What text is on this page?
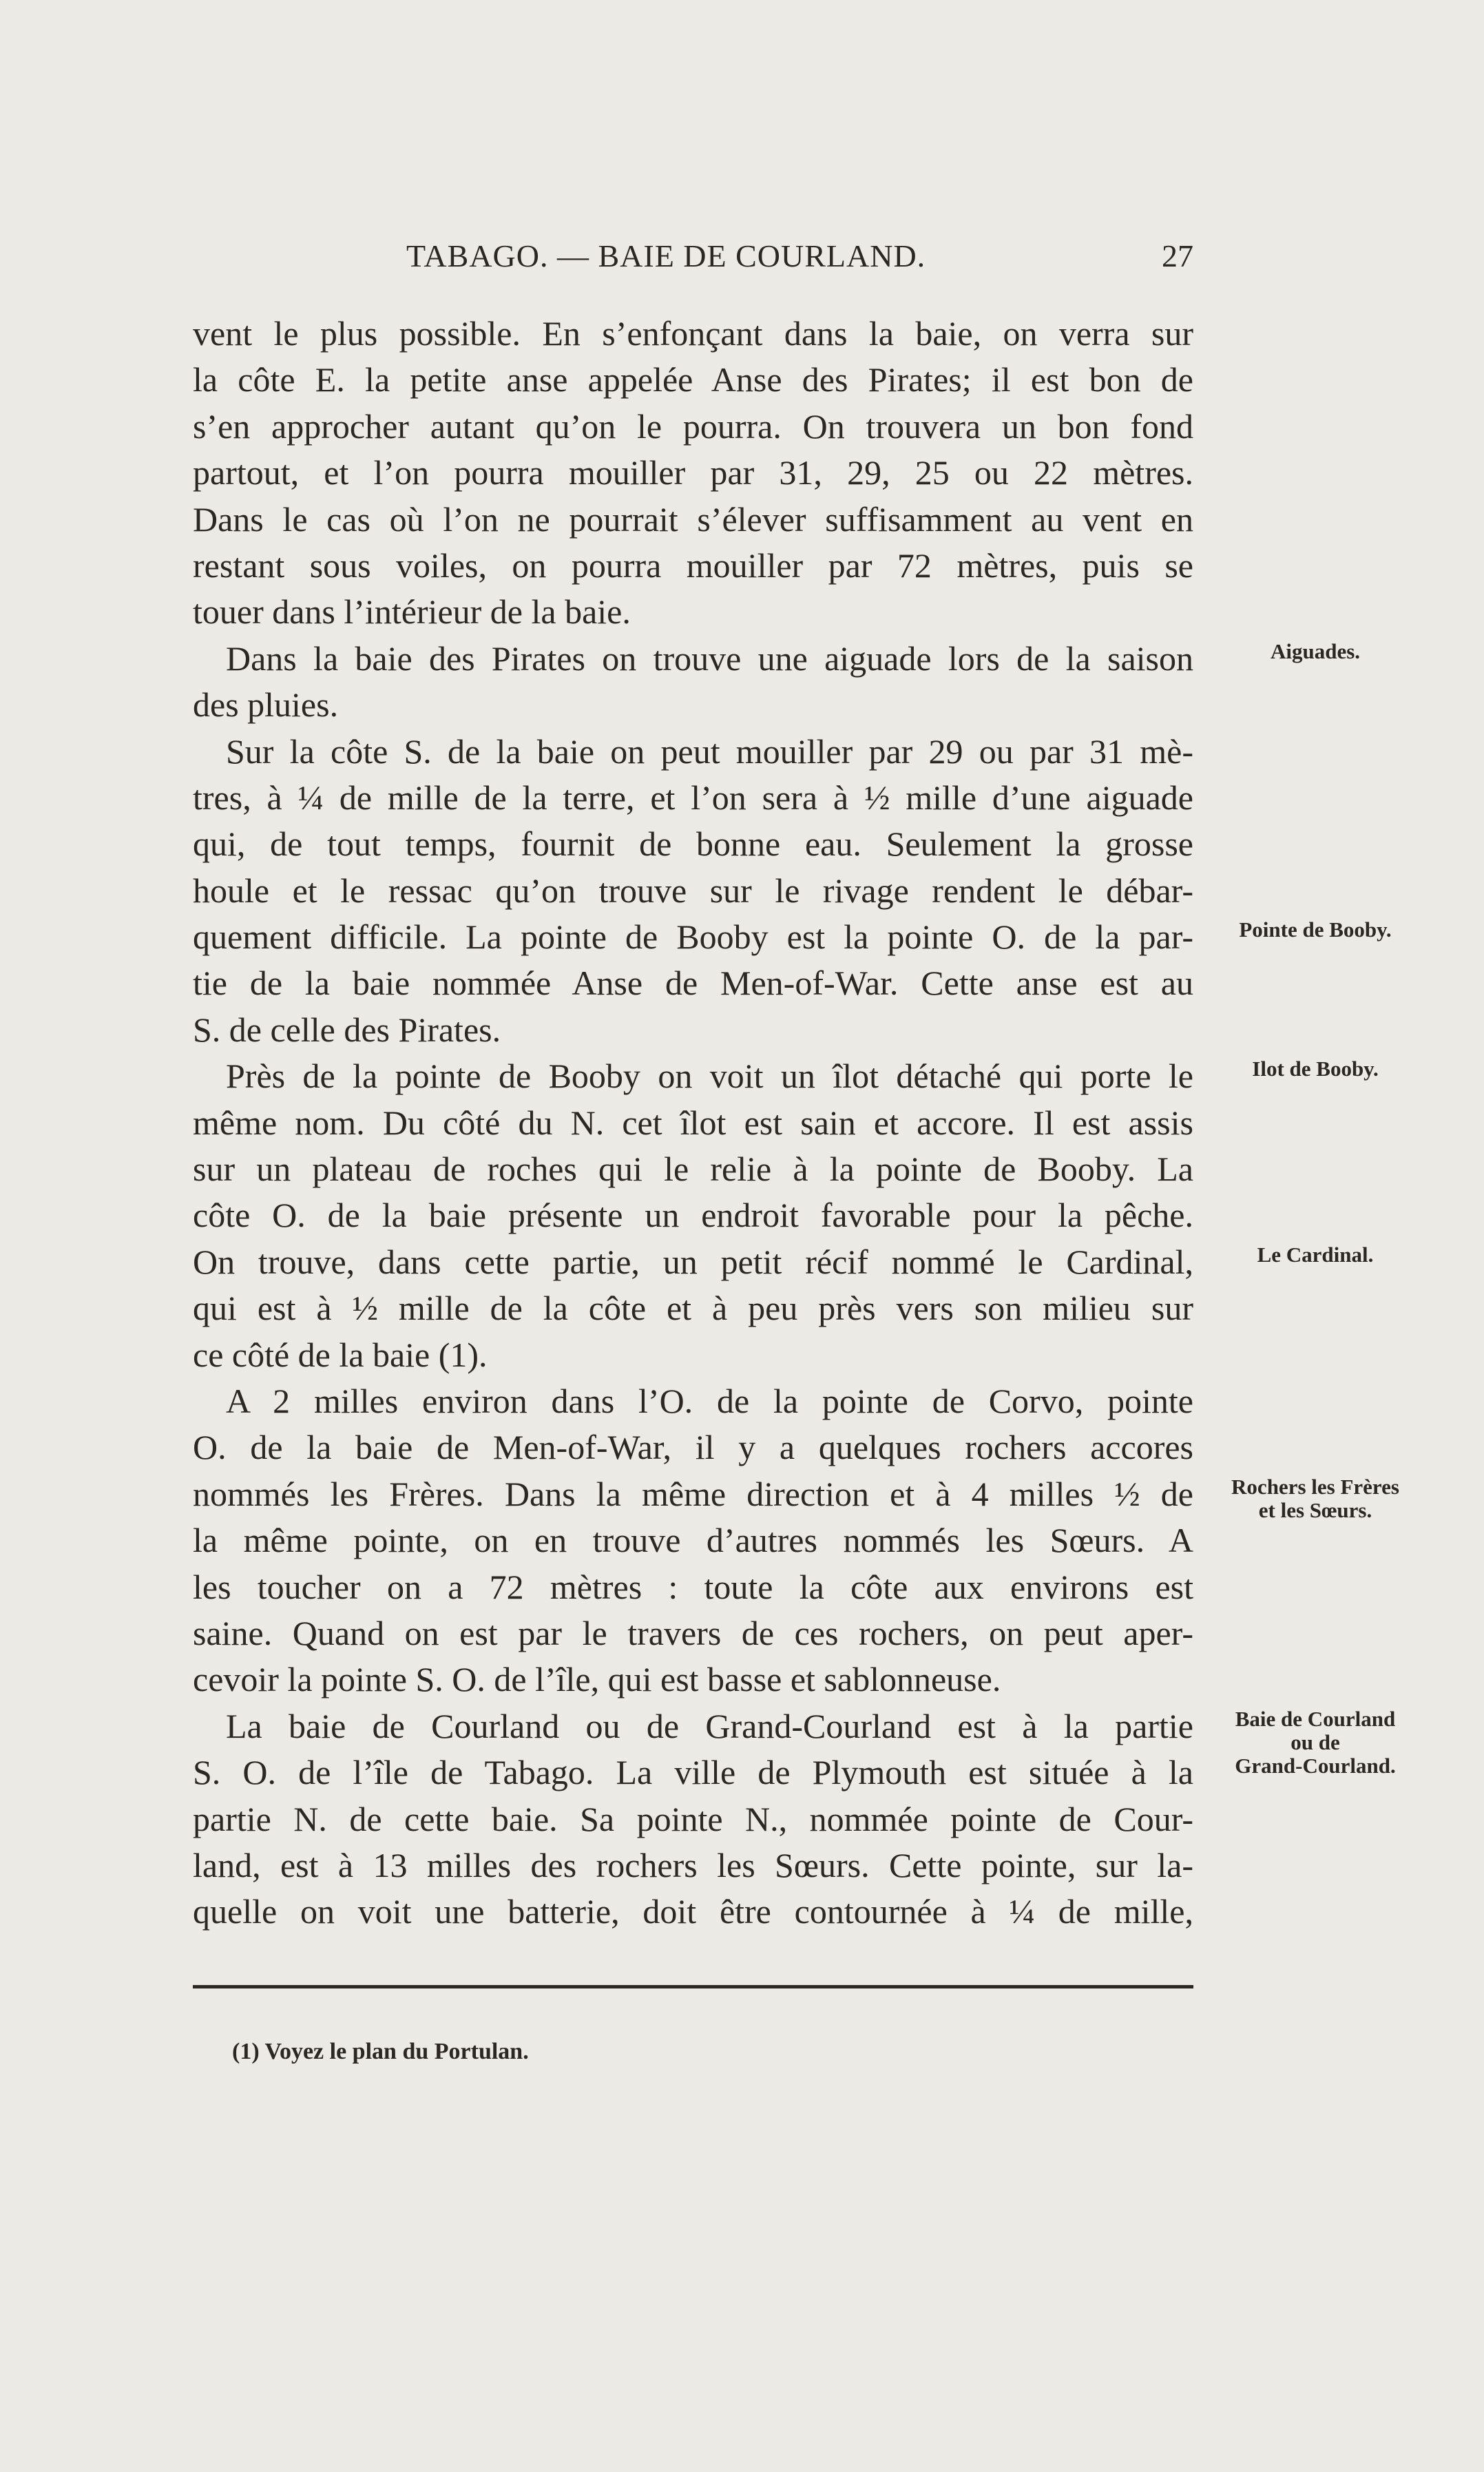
TABAGO. — BAIE DE COURLAND.	27
vent le plus possible. En s’enfonçant dans la baie, on verra sur
la côte E. la petite anse appelée Anse des Pirates; il est bon de
s’en approcher autant qu’on le pourra. On trouvera un bon fond
partout, et l’on pourra mouiller par 31, 29, 25 ou 22 mètres.
Dans le cas où l’on ne pourrait s’élever suffisamment au vent en
restant sous voiles, on pourra mouiller par 72 mètres, puis se
touer dans l’intérieur de la baie.
Dans la baie des Pirates on trouve une aiguade lors de la saison	Aiguades.
des pluies.
Sur la côte S. de la baie on peut mouiller par 29 ou par 31 mè-
tres, à ¼ de mille de la terre, et l’on sera à ½ mille d’une aiguade
qui, de tout temps, fournit de bonne eau. Seulement la grosse
houle et le ressac qu’on trouve sur le rivage rendent le débar-
quement difficile. La pointe de Booby est la pointe O. de la par-	Pointe de Booby.
tie de la baie nommée Anse de Men-of-War. Cette anse est au
S. de celle des Pirates.
Près de la pointe de Booby on voit un îlot détaché qui porte le	Ilot de Booby.
même nom. Du côté du N. cet îlot est sain et accore. Il est assis
sur un plateau de roches qui le relie à la pointe de Booby. La
côte O. de la baie présente un endroit favorable pour la pêche.
On trouve, dans cette partie, un petit récif nommé le Cardinal,	Le Cardinal.
qui est à ½ mille de la côte et à peu près vers son milieu sur
ce côté de la baie (1).
A 2 milles environ dans l’O. de la pointe de Corvo, pointe
O. de la baie de Men-of-War, il y a quelques rochers accores
nommés les Frères. Dans la même direction et à 4 milles ½ de	Rochers les Frères
et les Sœurs.
la même pointe, on en trouve d’autres nommés les Sœurs. A
les toucher on a 72 mètres : toute la côte aux environs est
saine. Quand on est par le travers de ces rochers, on peut aper-
cevoir la pointe S. O. de l’île, qui est basse et sablonneuse.
La baie de Courland ou de Grand-Courland est à la partie	Baie de Courland
ou de
Grand-Courland.
S. O. de l’île de Tabago. La ville de Plymouth est située à la
partie N. de cette baie. Sa pointe N., nommée pointe de Cour-
land, est à 13 milles des rochers les Sœurs. Cette pointe, sur la-
quelle on voit une batterie, doit être contournée à ¼ de mille,
(1) Voyez le plan du Portulan.
